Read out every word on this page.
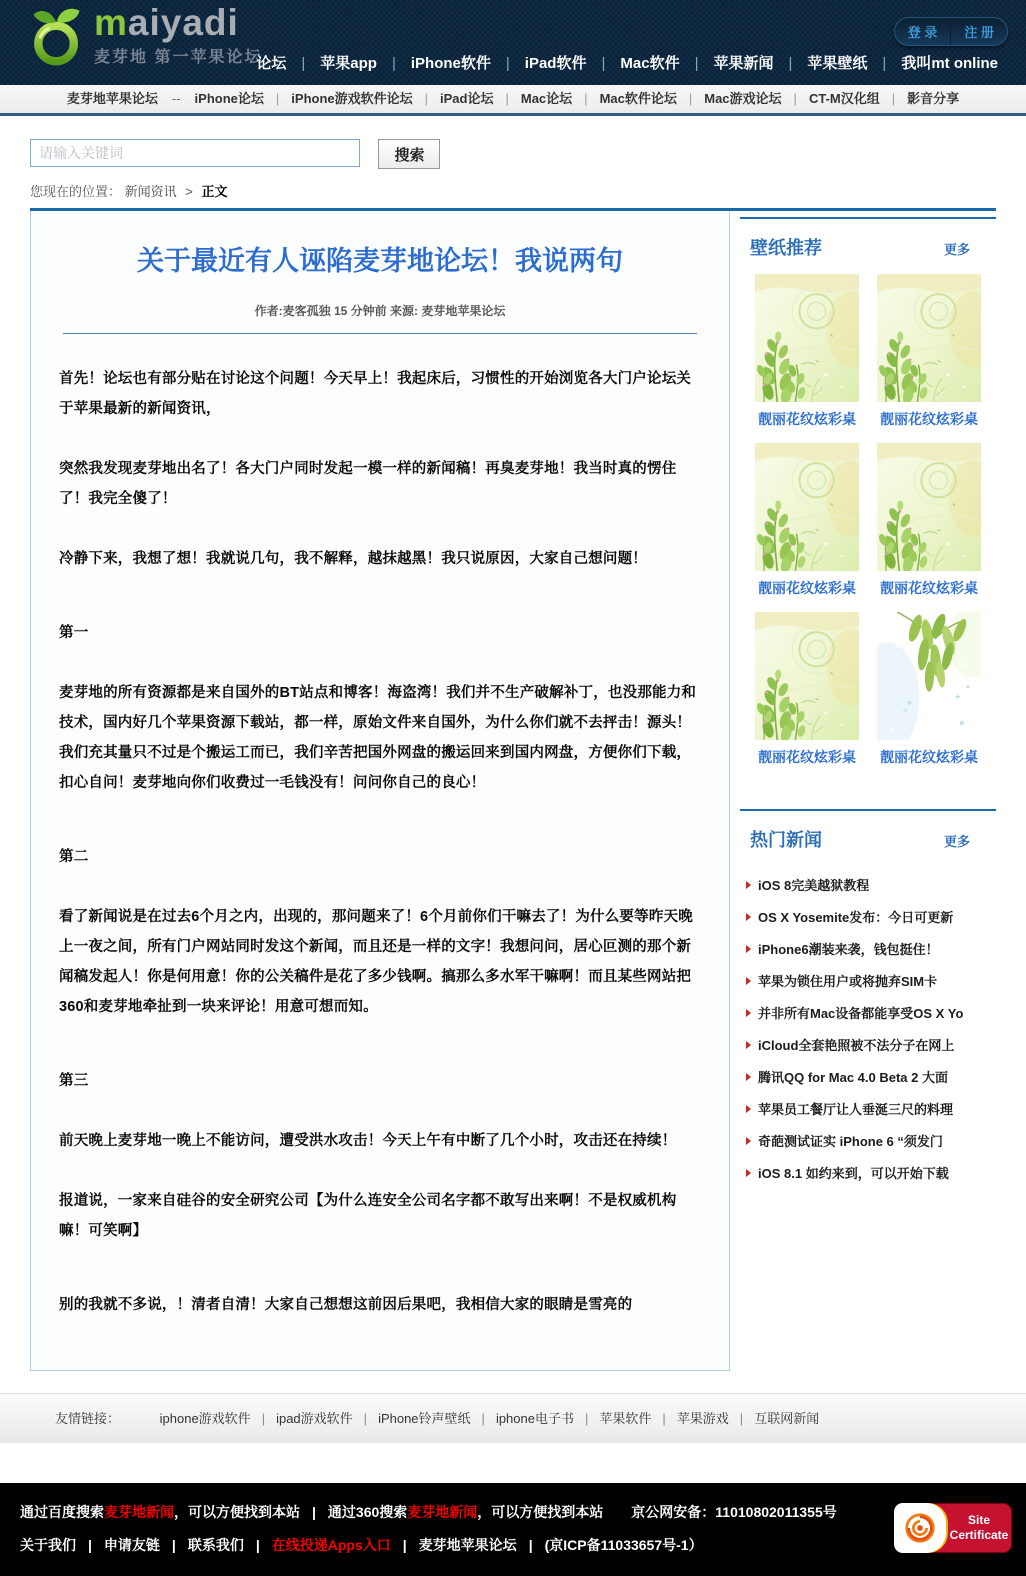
maiyadi
麦芽地 第一苹果论坛
登 录	注 册
论坛 | 苹果app | iPhone软件 | iPad软件 | Mac软件 | 苹果新闻 | 苹果壁纸 | 我叫mt online
麦芽地苹果论坛 --	iPhone论坛 | iPhone游戏软件论坛 | iPad论坛 | Mac论坛 | Mac软件论坛 | Mac游戏论坛 | CT-M汉化组 | 影音分享
请输入关键词 搜索
您现在的位置： 新闻资讯 > 正文
关于最近有人诬陷麦芽地论坛！我说两句
作者:麦客孤独 15 分钟前 来源: 麦芽地苹果论坛

首先！论坛也有部分贴在讨论这个问题！今天早上！我起床后，习惯性的开始浏览各大门户论坛关于苹果最新的新闻资讯，

突然我发现麦芽地出名了！各大门户同时发起一模一样的新闻稿！再臭麦芽地！我当时真的愣住了！我完全傻了！

冷静下来，我想了想！我就说几句，我不解释，越抹越黑！我只说原因，大家自己想问题！

第一

麦芽地的所有资源都是来自国外的BT站点和博客！海盗湾！我们并不生产破解补丁，也没那能力和技术，国内好几个苹果资源下载站，都一样，原始文件来自国外，为什么你们就不去抨击！源头！我们充其量只不过是个搬运工而已，我们辛苦把国外网盘的搬运回来到国内网盘，方便你们下载，扣心自问！麦芽地向你们收费过一毛钱没有！问问你自己的良心！

第二

看了新闻说是在过去6个月之内，出现的，那问题来了！6个月前你们干嘛去了！为什么要等昨天晚上一夜之间，所有门户网站同时发这个新闻，而且还是一样的文字！我想问问，居心叵测的那个新闻稿发起人！你是何用意！你的公关稿件是花了多少钱啊。搞那么多水军干嘛啊！而且某些网站把360和麦芽地牵扯到一块来评论！用意可想而知。

第三

前天晚上麦芽地一晚上不能访问，遭受洪水攻击！今天上午有中断了几个小时，攻击还在持续！

报道说，一家来自硅谷的安全研究公司【为什么连安全公司名字都不敢写出来啊！不是权威机构嘛！可笑啊】

别的我就不多说，！清者自清！大家自己想想这前因后果吧，我相信大家的眼睛是雪亮的

壁纸推荐	更多
靓丽花纹炫彩桌	靓丽花纹炫彩桌
靓丽花纹炫彩桌	靓丽花纹炫彩桌
靓丽花纹炫彩桌	靓丽花纹炫彩桌
热门新闻	更多
iOS 8完美越狱教程
OS X Yosemite发布：今日可更新
iPhone6潮装来袭，钱包挺住！
苹果为锁住用户或将抛弃SIM卡
并非所有Mac设备都能享受OS X Yo
iCloud全套艳照被不法分子在网上
腾讯QQ for Mac 4.0 Beta 2 大面
苹果员工餐厅让人垂涎三尺的料理
奇葩测试证实 iPhone 6 “须发门
iOS 8.1 如约来到，可以开始下载
友情链接：	iphone游戏软件 | ipad游戏软件 | iPhone铃声壁纸 | iphone电子书 | 苹果软件 | 苹果游戏 | 互联网新闻
通过百度搜索麦芽地新闻，可以方便找到本站 | 通过360搜索麦芽地新闻，可以方便找到本站 京公网安备：11010802011355号
关于我们 | 申请友链 | 联系我们 | 在线投递Apps入口 | 麦芽地苹果论坛 | (京ICP备11033657号-1）
Site
Certificate
